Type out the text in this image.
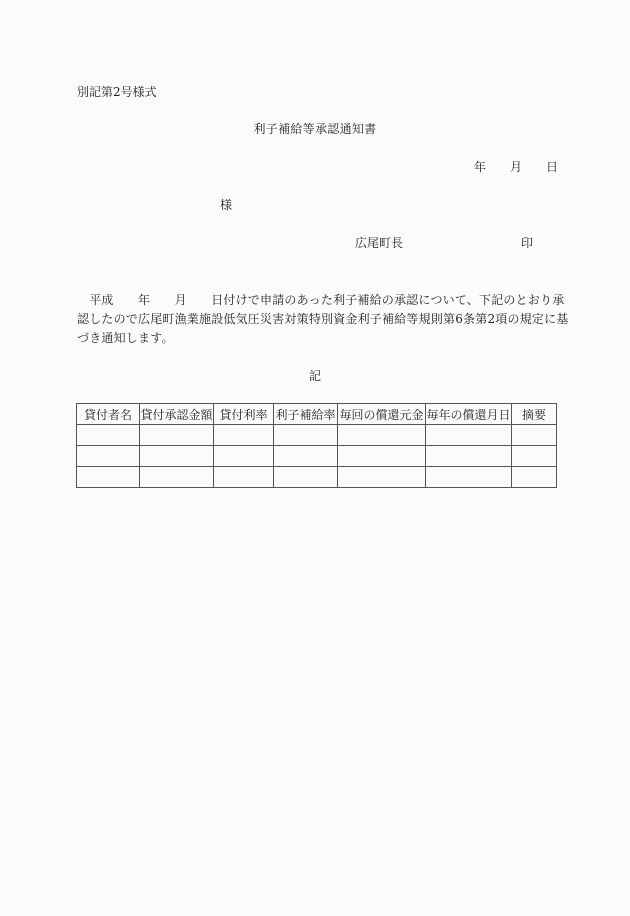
別記第2号様式
利子補給等承認通知書
年 月 日
様
広尾町長	印
　平成　　年　　月　　日付けで申請のあった利子補給の承認について、下記のとおり承
認したので広尾町漁業施設低気圧災害対策特別資金利子補給等規則第6条第2項の規定に基
づき通知します。
記
貸付者名	貸付承認金額	貸付利率	利子補給率	毎回の償還元金	毎年の償還月日	摘要
